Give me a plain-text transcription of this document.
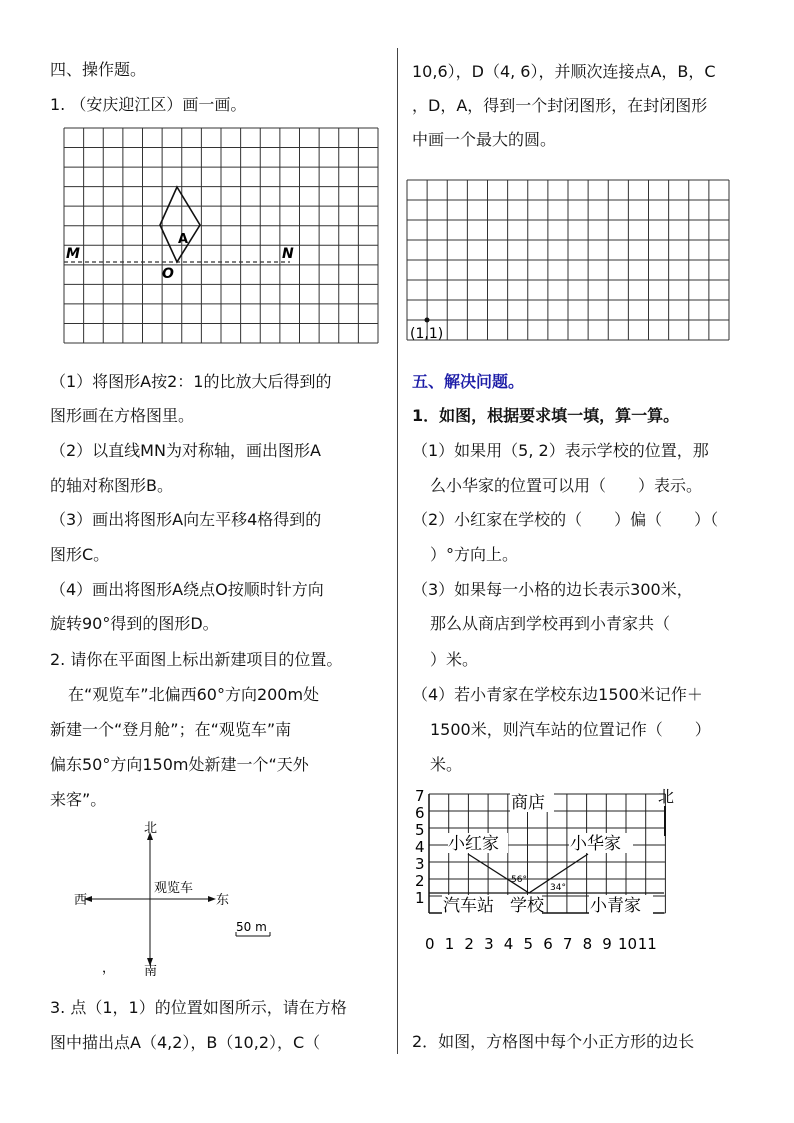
四、操作题。
1. （安庆迎江区）画一画。
M	N
A
O
（1）将图形A按2：1的比放大后得到的
图形画在方格图里。
（2）以直线MN为对称轴，画出图形A
的轴对称图形B。
（3）画出将图形A向左平移4格得到的
图形C。
（4）画出将图形A绕点O按顺时针方向
旋转90°得到的图形D。
2. 请你在平面图上标出新建项目的位置。
在“观览车”北偏西60°方向200m处
新建一个“登月舱”；在“观览车”南
偏东50°方向150m处新建一个“天外
来客”。
北
南
西	东
观览车
50 m
，
3. 点（1，1）的位置如图所示，请在方格
图中描出点A（4,2），B（10,2），C（
10,6），D（4, 6），并顺次连接点A，B，C
，D，A，得到一个封闭图形，在封闭图形
中画一个最大的圆。
(1,1)
五、解决问题。
1．如图，根据要求填一填，算一算。
（1）如果用（5, 2）表示学校的位置，那
么小华家的位置可以用（　　）表示。
（2）小红家在学校的（　　）偏（　　）（
）°方向上。
（3）如果每一小格的边长表示300米，
那么从商店到学校再到小青家共（
）米。
（4）若小青家在学校东边1500米记作＋
1500米，则汽车站的位置记作（　　）
米。
7
6
5
4
3
2
1
0 1 2 3 4 5 6 7 8 9 10 11
商店
小红家	小华家
56°
34°
汽车站 学校	小青家
北
2．如图，方格图中每个小正方形的边长
